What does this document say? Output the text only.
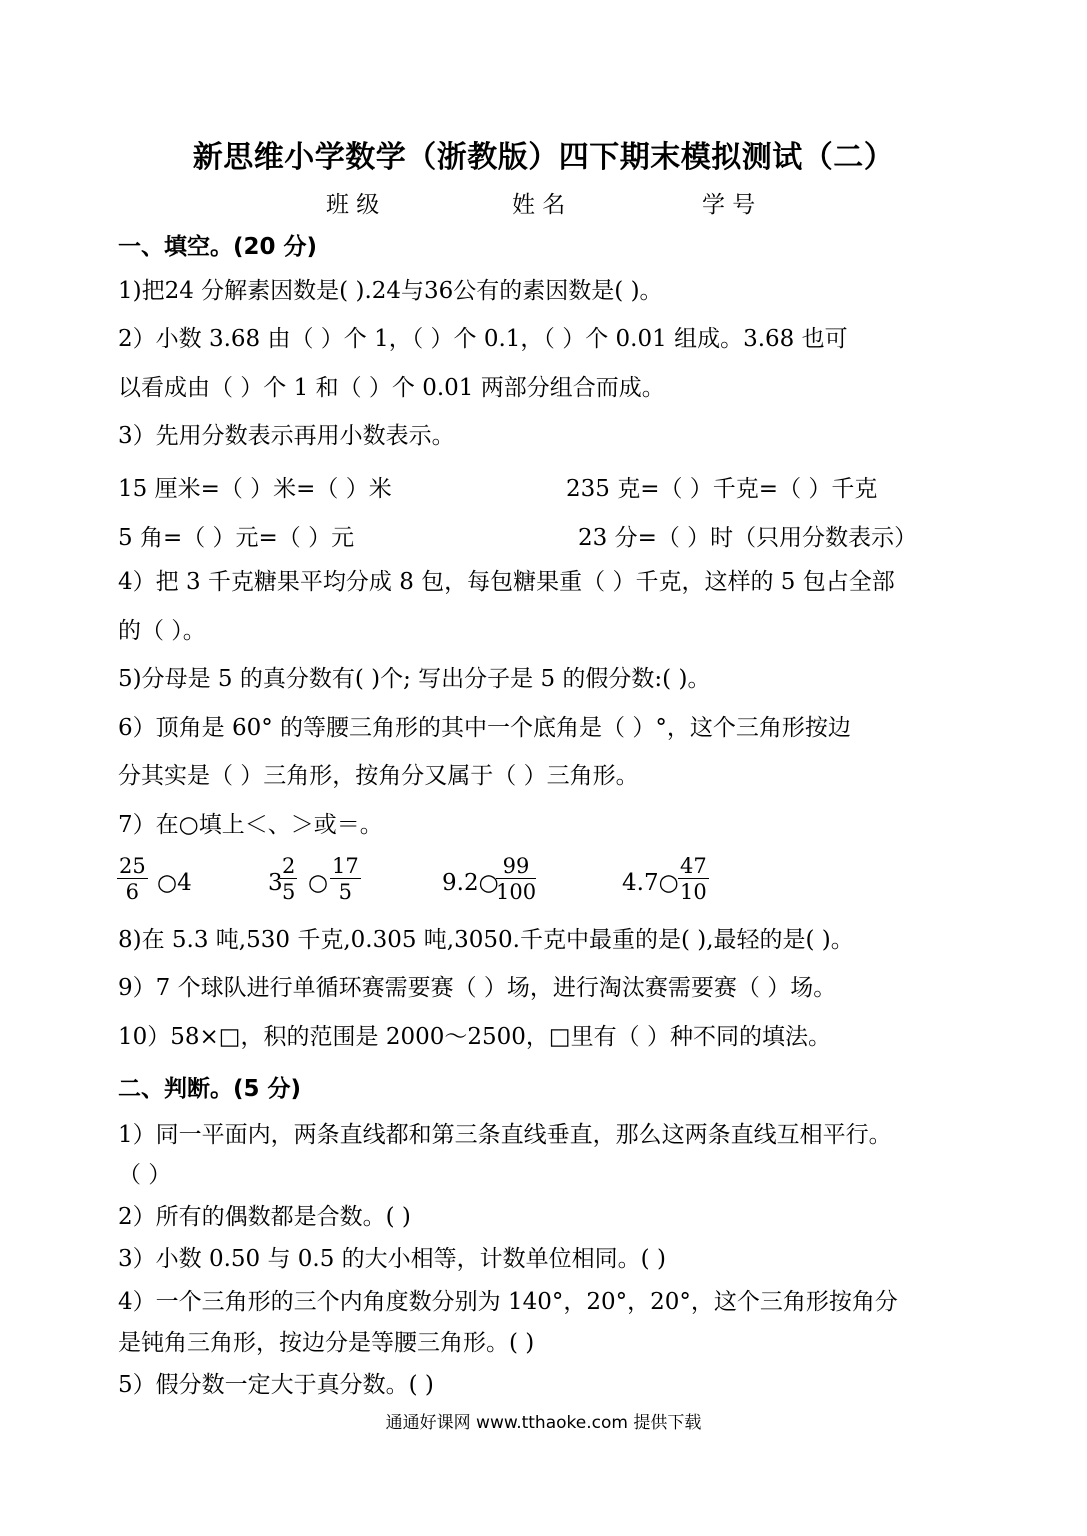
新思维小学数学（浙教版）四下期末模拟测试（二）
班 级	姓 名	学 号
一、填空。(20 分)
1)把24 分解素因数是( ).24与36公有的素因数是( )。
2）小数 3.68 由（ ）个 1，（ ）个 0.1，（ ）个 0.01 组成。3.68 也可
以看成由（ ）个 1 和（ ）个 0.01 两部分组合而成。
3）先用分数表示再用小数表示。
15 厘米=（ ）米=（ ）米	235 克=（ ）千克=（ ）千克
5 角=（ ）元=（ ）元	23 分=（ ）时（只用分数表示）
4）把 3 千克糖果平均分成 8 包，每包糖果重（ ）千克，这样的 5 包占全部
的（ ）。
5)分母是 5 的真分数有( )个; 写出分子是 5 的假分数:( )。
6）顶角是 60° 的等腰三角形的其中一个底角是（ ）°，这个三角形按边
分其实是（ ）三角形，按角分又属于（ ）三角形。
7）在○填上＜、＞或＝。
$\frac{25}{6}$ ○4	3
$\frac{2}{5}$ ○ $\frac{17}{5}$	9.2○
$\frac{99}{100}$	4.7○ $\frac{47}{10}$
8)在 5.3 吨,530 千克,0.305 吨,3050.千克中最重的是( ),最轻的是( )。
9）7 个球队进行单循环赛需要赛（ ）场，进行淘汰赛需要赛（ ）场。
10）58×□，积的范围是 2000～2500，□里有（ ）种不同的填法。
二、判断。(5 分)
1）同一平面内，两条直线都和第三条直线垂直，那么这两条直线互相平行。
（ ）
2）所有的偶数都是合数。( )
3）小数 0.50 与 0.5 的大小相等，计数单位相同。( )
4）一个三角形的三个内角度数分别为 140°，20°，20°，这个三角形按角分
是钝角三角形，按边分是等腰三角形。( )
5）假分数一定大于真分数。( )
通通好课网 www.tthaoke.com 提供下载
